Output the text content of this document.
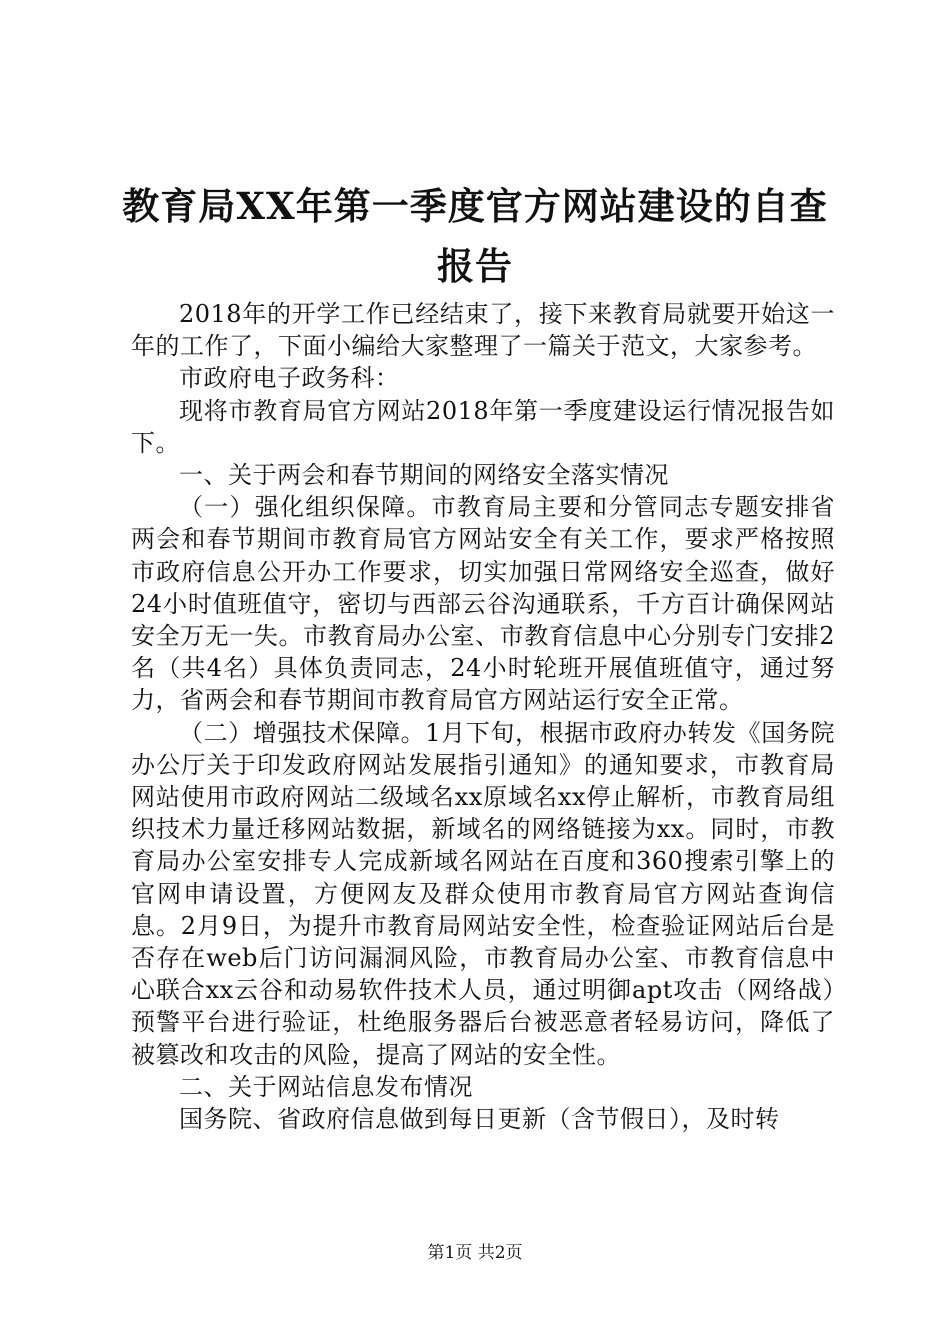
教育局XX年第一季度官方网站建设的自查报告

2018年的开学工作已经结束了，接下来教育局就要开始这一年的工作了，下面小编给大家整理了一篇关于范文，大家参考。

市政府电子政务科：

现将市教育局官方网站2018年第一季度建设运行情况报告如下。

一、关于两会和春节期间的网络安全落实情况

（一）强化组织保障。市教育局主要和分管同志专题安排省两会和春节期间市教育局官方网站安全有关工作，要求严格按照市政府信息公开办工作要求，切实加强日常网络安全巡查，做好24小时值班值守，密切与西部云谷沟通联系，千方百计确保网站安全万无一失。市教育局办公室、市教育信息中心分别专门安排2名（共4名）具体负责同志，24小时轮班开展值班值守，通过努力，省两会和春节期间市教育局官方网站运行安全正常。

（二）增强技术保障。1月下旬，根据市政府办转发《国务院办公厅关于印发政府网站发展指引通知》的通知要求，市教育局网站使用市政府网站二级域名xx原域名xx停止解析，市教育局组织技术力量迁移网站数据，新域名的网络链接为xx。同时，市教育局办公室安排专人完成新域名网站在百度和360搜索引擎上的官网申请设置，方便网友及群众使用市教育局官方网站查询信息。2月9日，为提升市教育局网站安全性，检查验证网站后台是否存在web后门访问漏洞风险，市教育局办公室、市教育信息中心联合xx云谷和动易软件技术人员，通过明御apt攻击（网络战）预警平台进行验证，杜绝服务器后台被恶意者轻易访问，降低了被篡改和攻击的风险，提高了网站的安全性。

二、关于网站信息发布情况

国务院、省政府信息做到每日更新（含节假日），及时转

第1页 共2页
